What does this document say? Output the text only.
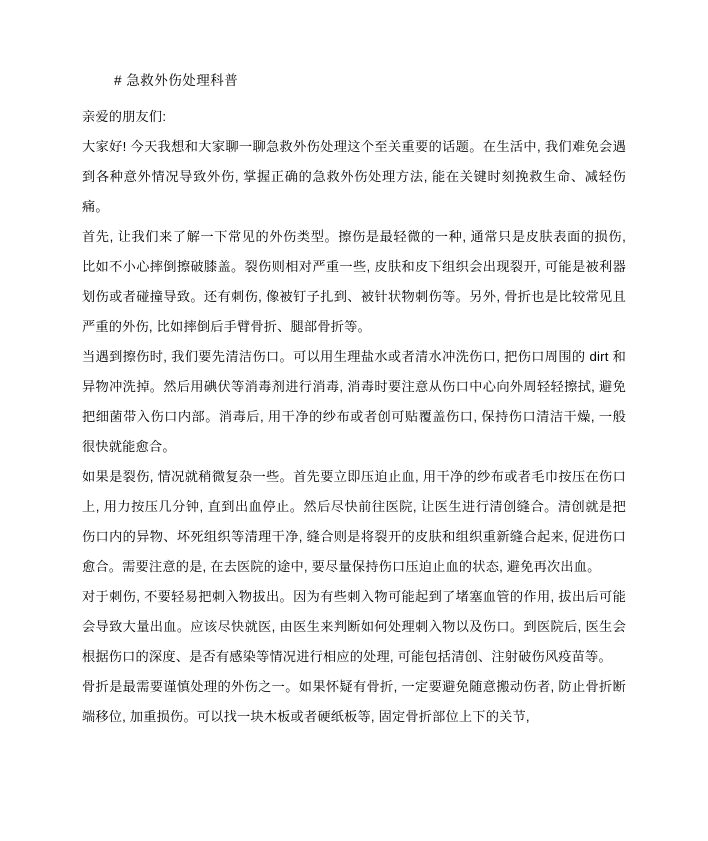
# 急救外伤处理科普

亲爱的朋友们:

大家好! 今天我想和大家聊一聊急救外伤处理这个至关重要的话题。在生活中, 我们难免会遇到各种意外情况导致外伤, 掌握正确的急救外伤处理方法, 能在关键时刻挽救生命、减轻伤痛。

首先, 让我们来了解一下常见的外伤类型。擦伤是最轻微的一种, 通常只是皮肤表面的损伤, 比如不小心摔倒擦破膝盖。裂伤则相对严重一些, 皮肤和皮下组织会出现裂开, 可能是被利器划伤或者碰撞导致。还有刺伤, 像被钉子扎到、被针状物刺伤等。另外, 骨折也是比较常见且严重的外伤, 比如摔倒后手臂骨折、腿部骨折等。

当遇到擦伤时, 我们要先清洁伤口。可以用生理盐水或者清水冲洗伤口, 把伤口周围的 dirt 和异物冲洗掉。然后用碘伏等消毒剂进行消毒, 消毒时要注意从伤口中心向外周轻轻擦拭, 避免把细菌带入伤口内部。消毒后, 用干净的纱布或者创可贴覆盖伤口, 保持伤口清洁干燥, 一般很快就能愈合。

如果是裂伤, 情况就稍微复杂一些。首先要立即压迫止血, 用干净的纱布或者毛巾按压在伤口上, 用力按压几分钟, 直到出血停止。然后尽快前往医院, 让医生进行清创缝合。清创就是把伤口内的异物、坏死组织等清理干净, 缝合则是将裂开的皮肤和组织重新缝合起来, 促进伤口愈合。需要注意的是, 在去医院的途中, 要尽量保持伤口压迫止血的状态, 避免再次出血。

对于刺伤, 不要轻易把刺入物拔出。因为有些刺入物可能起到了堵塞血管的作用, 拔出后可能会导致大量出血。应该尽快就医, 由医生来判断如何处理刺入物以及伤口。到医院后, 医生会根据伤口的深度、是否有感染等情况进行相应的处理, 可能包括清创、注射破伤风疫苗等。

骨折是最需要谨慎处理的外伤之一。如果怀疑有骨折, 一定要避免随意搬动伤者, 防止骨折断端移位, 加重损伤。可以找一块木板或者硬纸板等, 固定骨折部位上下的关节,
